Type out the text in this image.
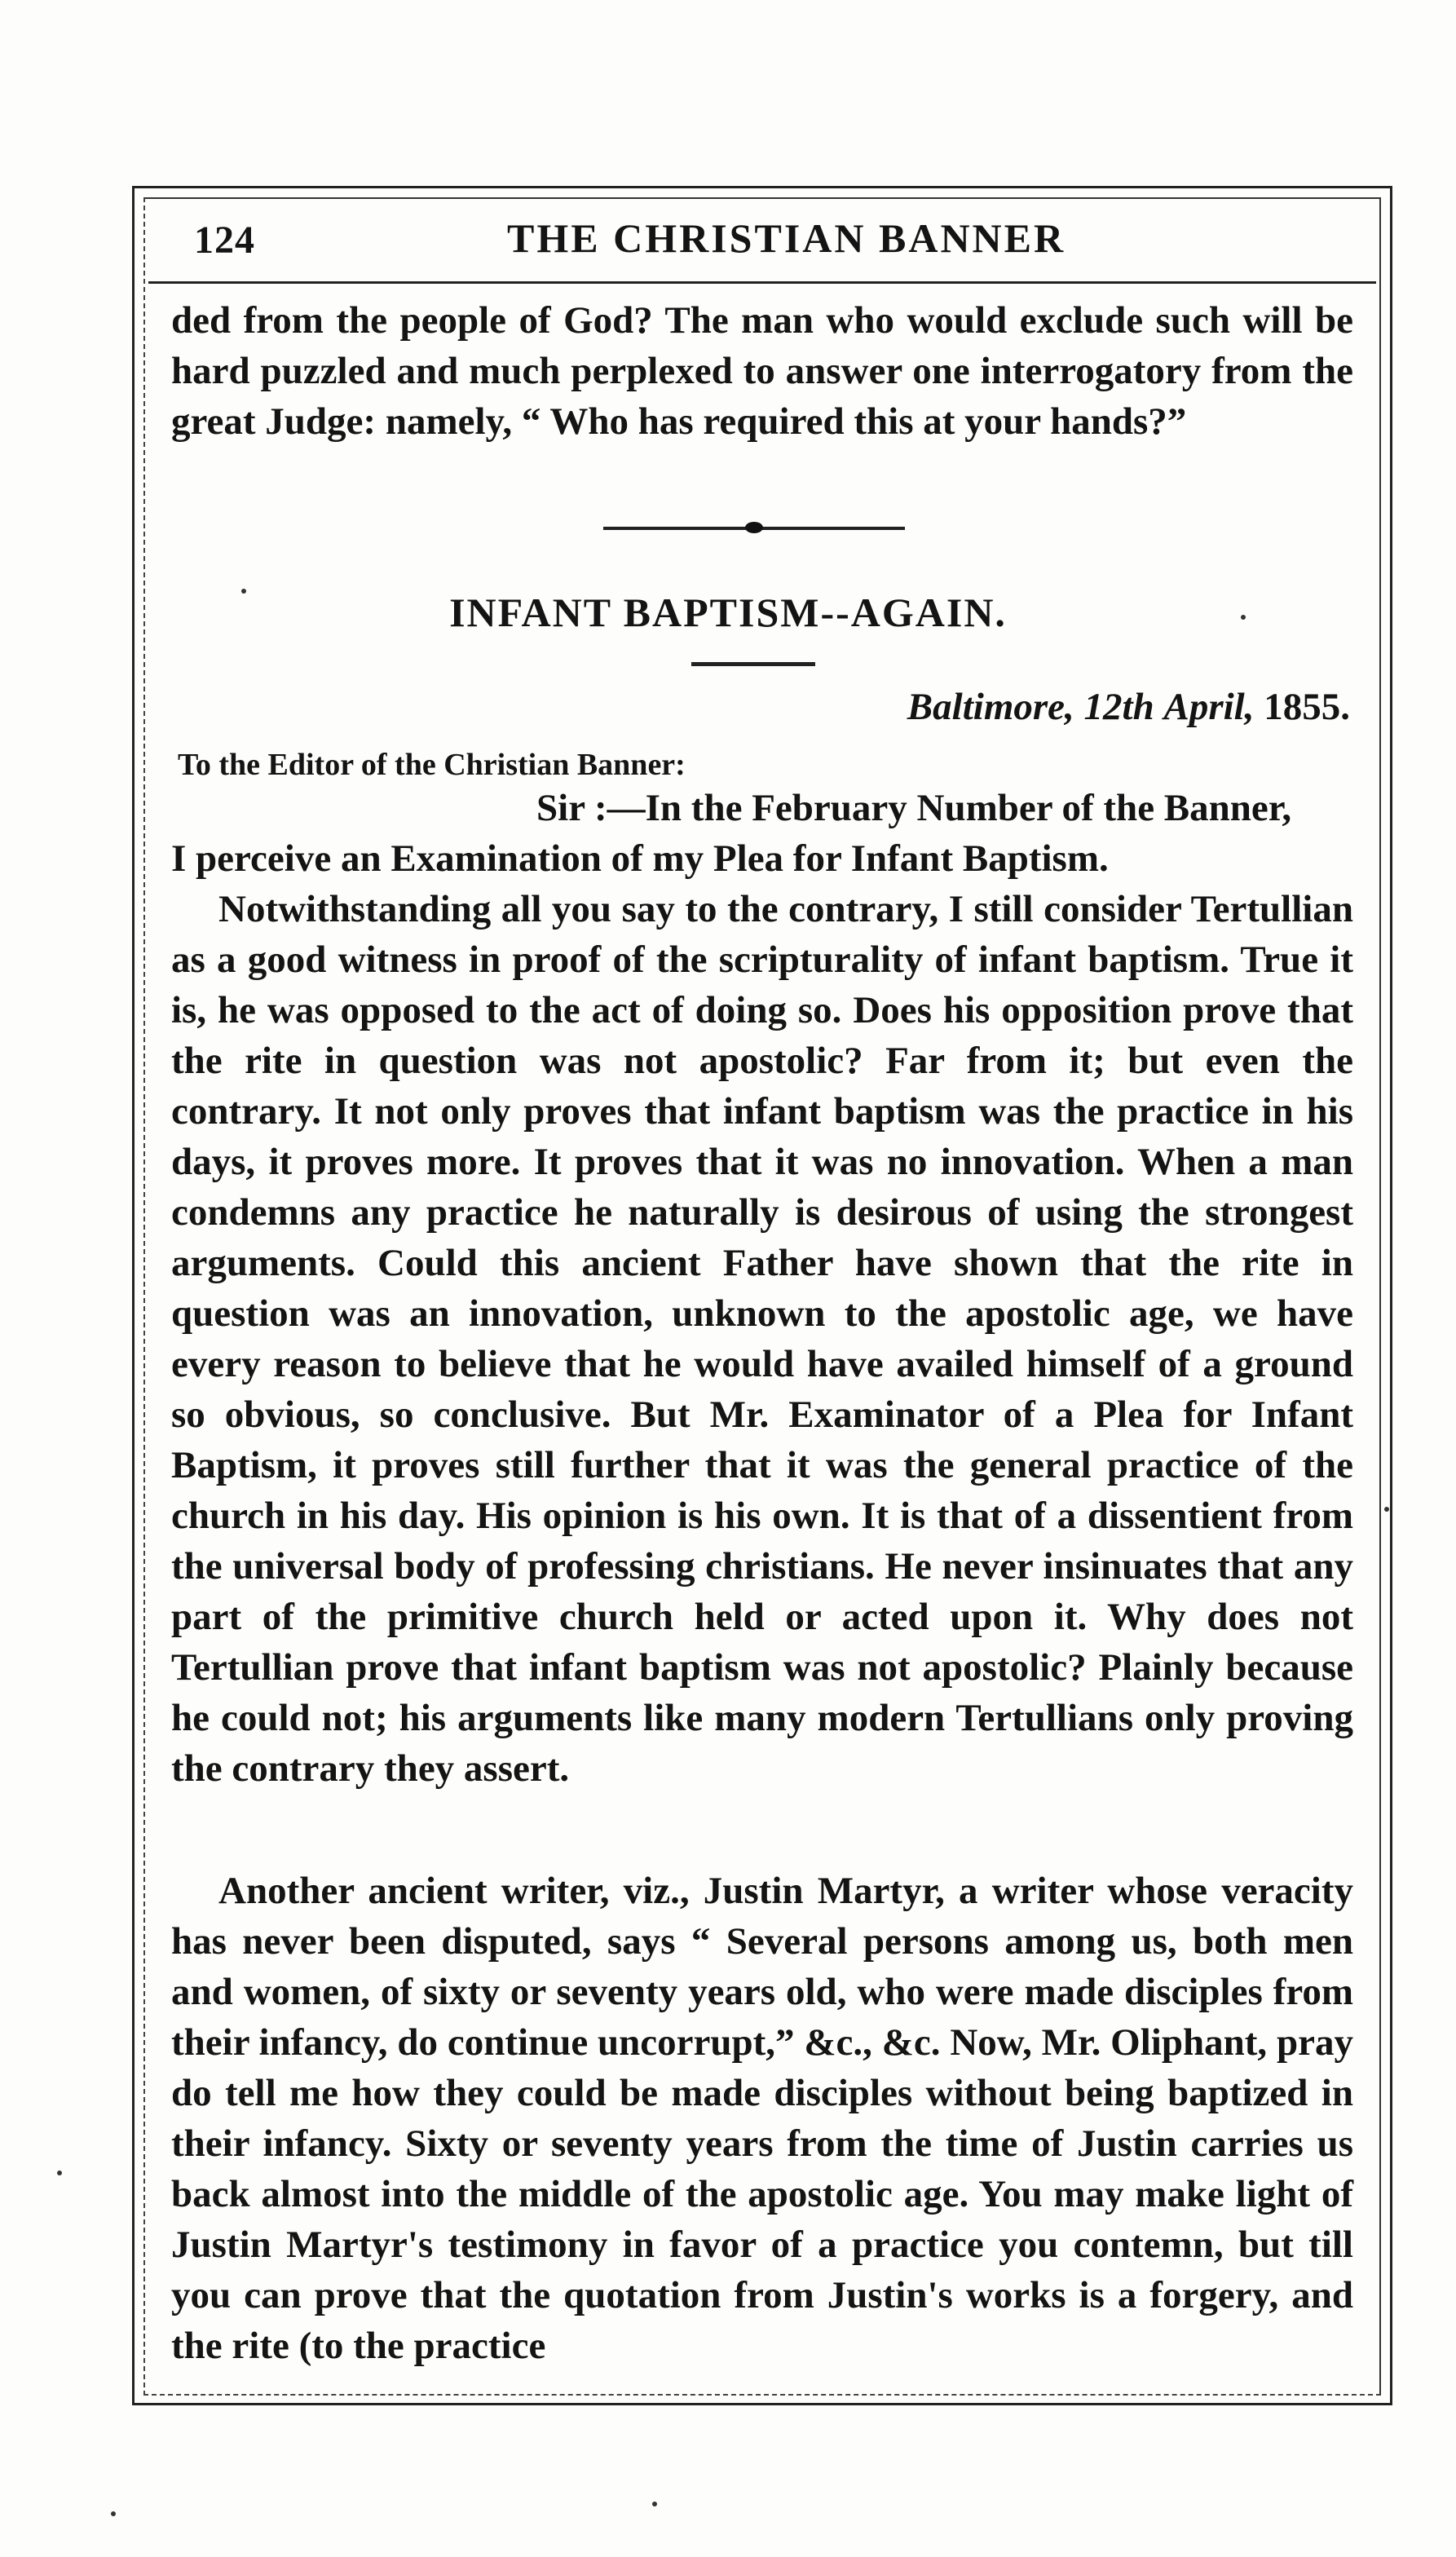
124	THE CHRISTIAN BANNER

ded from the people of God? The man who would exclude such will be hard puzzled and much perplexed to answer one interrogatory from the great Judge: namely, “ Who has required this at your hands?”

INFANT BAPTISM--AGAIN.
Baltimore, 12th April, 1855.
To the Editor of the Christian Banner:
Sir :—In the February Number of the Banner,
I perceive an Examination of my Plea for Infant Baptism.

Notwithstanding all you say to the contrary, I still consider Tertullian as a good witness in proof of the scripturality of infant baptism. True it is, he was opposed to the act of doing so. Does his opposition prove that the rite in question was not apostolic? Far from it; but even the contrary. It not only proves that infant baptism was the practice in his days, it proves more. It proves that it was no innovation. When a man condemns any practice he naturally is desirous of using the strongest arguments. Could this ancient Father have shown that the rite in question was an innovation, unknown to the apostolic age, we have every reason to believe that he would have availed himself of a ground so obvious, so conclusive. But Mr. Examinator of a Plea for Infant Baptism, it proves still further that it was the general practice of the church in his day. His opinion is his own. It is that of a dissentient from the universal body of professing christians. He never insinuates that any part of the primitive church held or acted upon it. Why does not Tertullian prove that infant baptism was not apostolic? Plainly because he could not; his arguments like many modern Tertullians only proving the contrary they assert.

Another ancient writer, viz., Justin Martyr, a writer whose veracity has never been disputed, says “ Several persons among us, both men and women, of sixty or seventy years old, who were made disciples from their infancy, do continue uncorrupt,” &c., &c. Now, Mr. Oliphant, pray do tell me how they could be made disciples without being baptized in their infancy. Sixty or seventy years from the time of Justin carries us back almost into the middle of the apostolic age. You may make light of Justin Martyr's testimony in favor of a practice you contemn, but till you can prove that the quotation from Justin's works is a forgery, and the rite (to the practice
